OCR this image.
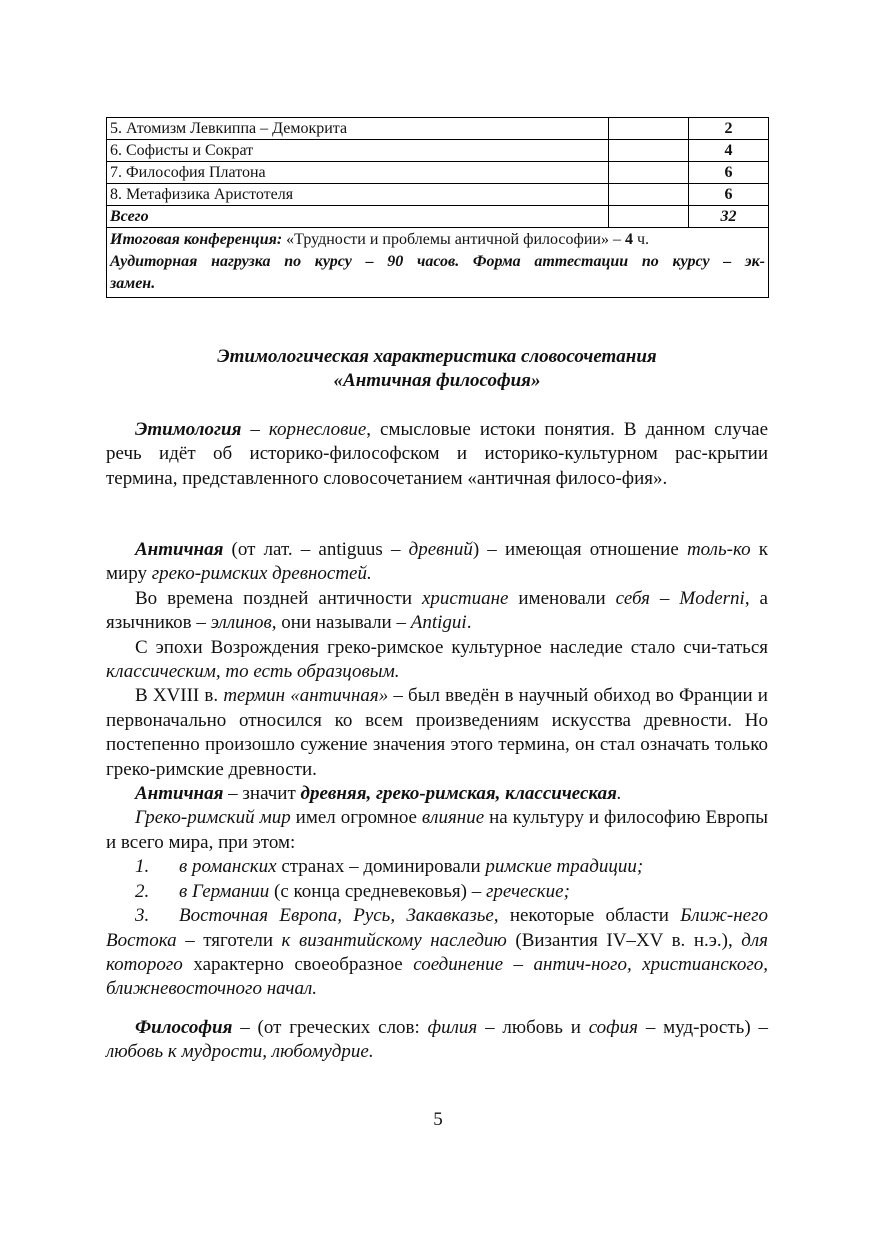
5. Атомизм Левкиппа – Демокрита		2
6. Софисты и Сократ		4
7. Философия Платона		6
8. Метафизика Аристотеля		6
Всего		32

Итоговая конференция: «Трудности и проблемы античной философии» – 4 ч.
Аудиторная нагрузка по курсу – 90 часов. Форма аттестации по курсу – эк-
замен.		
Этимологическая характеристика словосочетания
«Античная философия»

Этимология – корнесловие, смысловые истоки понятия. В данном случае речь идёт об историко-философском и историко-культурном рас-крытии термина, представленного словосочетанием «античная филосо-фия».

Античная (от лат. – antiguus – древний) – имеющая отношение толь-ко к миру греко-римских древностей.

Во времена поздней античности христиане именовали себя – Moderni, а язычников – эллинов, они называли – Antigui.

С эпохи Возрождения греко-римское культурное наследие стало счи-таться классическим, то есть образцовым.

В XVIII в. термин «античная» – был введён в научный обиход во Франции и первоначально относился ко всем произведениям искусства древности. Но постепенно произошло сужение значения этого термина, он стал означать только греко-римские древности.

Античная – значит древняя, греко-римская, классическая.

Греко-римский мир имел огромное влияние на культуру и философию Европы и всего мира, при этом:

1. в романских странах – доминировали римские традиции;

2. в Германии (с конца средневековья) – греческие;

3. Восточная Европа, Русь, Закавказье, некоторые области Ближ-него Востока – тяготели к византийскому наследию (Византия IV–XV в. н.э.), для которого характерно своеобразное соединение – антич-ного, христианского, ближневосточного начал.

Философия – (от греческих слов: филия – любовь и софия – муд-рость) – любовь к мудрости, любомудрие.

5
